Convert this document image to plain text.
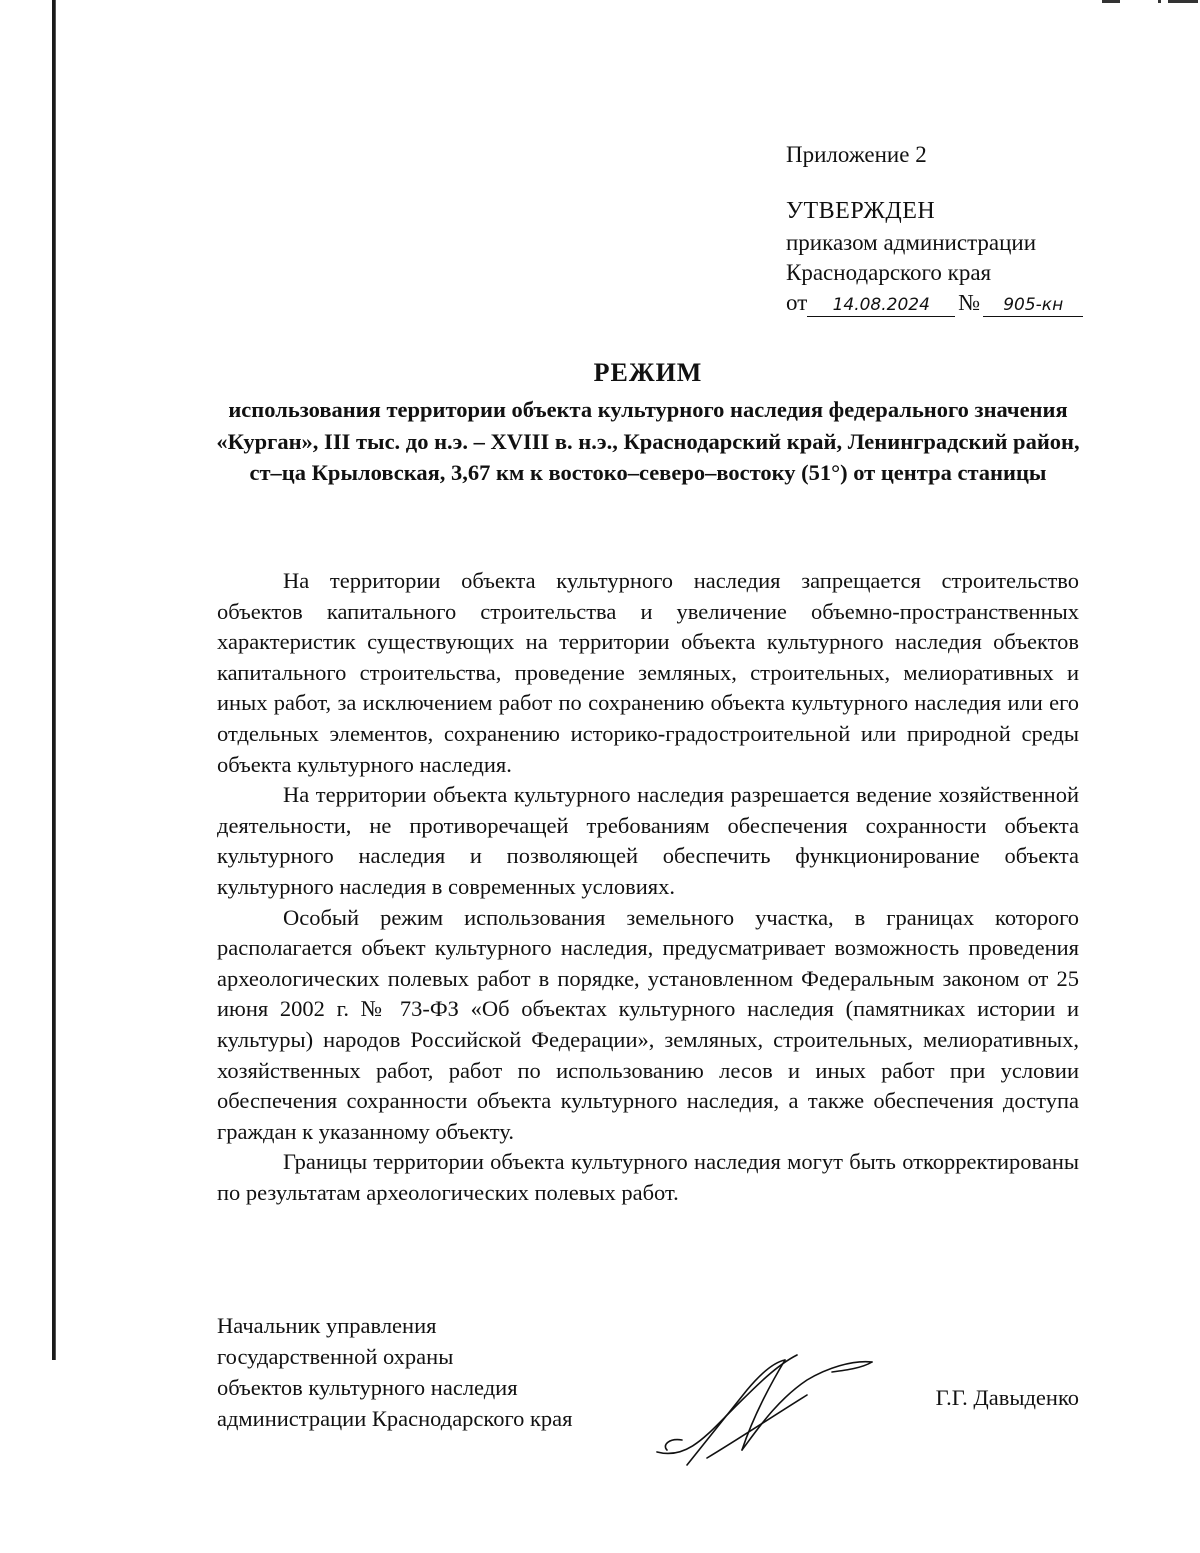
Приложение 2
УТВЕРЖДЕН
приказом администрации
Краснодарского края
от	14.08.2024	№	905-кн
РЕЖИМ
использования территории объекта культурного наследия федерального значения «Курган», III тыс. до н.э. – XVIII в. н.э., Краснодарский край, Ленинградский район, ст–ца Крыловская, 3,67 км к востоко–северо–востоку (51°) от центра станицы

На территории объекта культурного наследия запрещается строительство объектов капитального строительства и увеличение объемно-пространственных характеристик существующих на территории объекта культурного наследия объектов капитального строительства, проведение земляных, строительных, мелиоративных и иных работ, за исключением работ по сохранению объекта культурного наследия или его отдельных элементов, сохранению историко-градостроительной или природной среды объекта культурного наследия.

На территории объекта культурного наследия разрешается ведение хозяйственной деятельности, не противоречащей требованиям обеспечения сохранности объекта культурного наследия и позволяющей обеспечить функционирование объекта культурного наследия в современных условиях.

Особый режим использования земельного участка, в границах которого располагается объект культурного наследия, предусматривает возможность проведения археологических полевых работ в порядке, установленном Федеральным законом от 25 июня 2002 г. № 73-ФЗ «Об объектах культурного наследия (памятниках истории и культуры) народов Российской Федерации», земляных, строительных, мелиоративных, хозяйственных работ, работ по использованию лесов и иных работ при условии обеспечения сохранности объекта культурного наследия, а также обеспечения доступа граждан к указанному объекту.

Границы территории объекта культурного наследия могут быть откорректированы по результатам археологических полевых работ.

Начальник управления
государственной охраны
объектов культурного наследия
администрации Краснодарского края
Г.Г. Давыденко
